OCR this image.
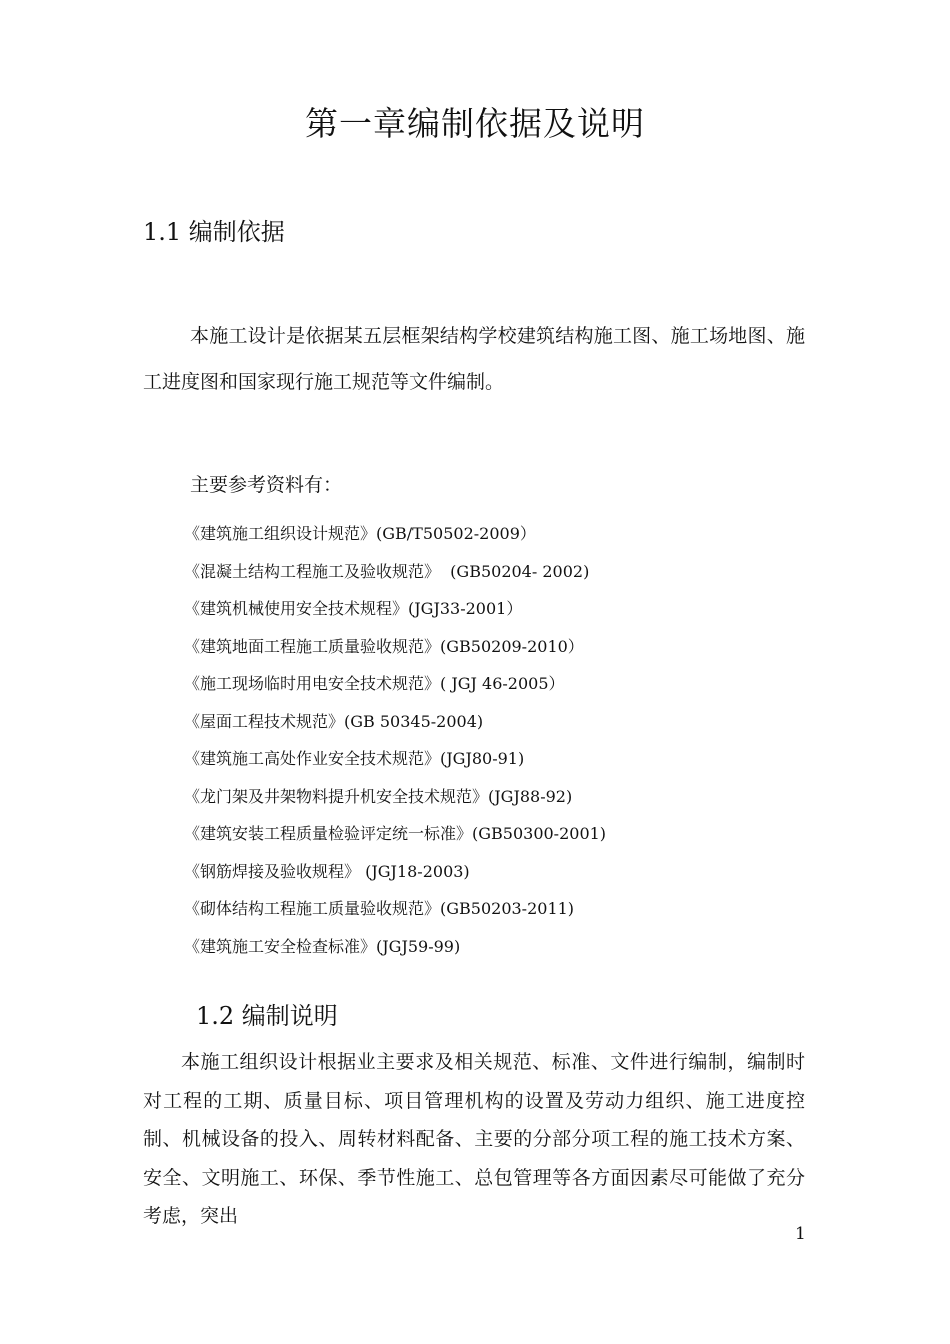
第一章编制依据及说明
1.1 编制依据
本施工设计是依据某五层框架结构学校建筑结构施工图、施工场地图、施工进度图和国家现行施工规范等文件编制。
主要参考资料有：
《建筑施工组织设计规范》(GB/T50502-2009）
《混凝土结构工程施工及验收规范》  (GB50204- 2002)
《建筑机械使用安全技术规程》(JGJ33-2001）
《建筑地面工程施工质量验收规范》(GB50209-2010）
《施工现场临时用电安全技术规范》( JGJ 46-2005）
《屋面工程技术规范》(GB 50345-2004)
《建筑施工高处作业安全技术规范》(JGJ80-91)
《龙门架及井架物料提升机安全技术规范》(JGJ88-92)
《建筑安装工程质量检验评定统一标准》(GB50300-2001)
《钢筋焊接及验收规程》 (JGJ18-2003)
《砌体结构工程施工质量验收规范》(GB50203-2011)
《建筑施工安全检查标准》(JGJ59-99)
1.2 编制说明
本施工组织设计根据业主要求及相关规范、标准、文件进行编制，编制时对工程的工期、质量目标、项目管理机构的设置及劳动力组织、施工进度控制、机械设备的投入、周转材料配备、主要的分部分项工程的施工技术方案、安全、文明施工、环保、季节性施工、总包管理等各方面因素尽可能做了充分考虑，突出
1
